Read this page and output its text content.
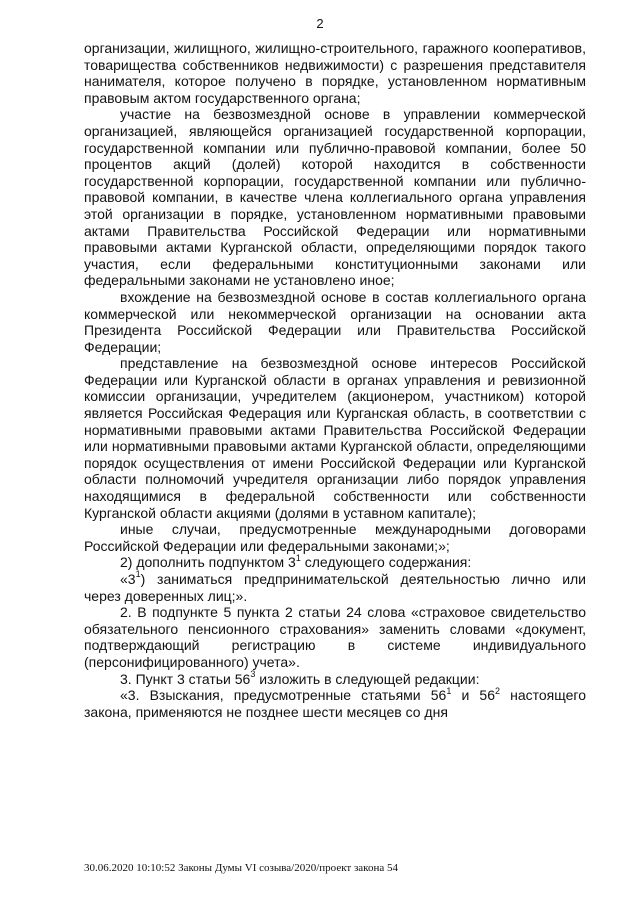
2

организации, жилищного, жилищно-строительного, гаражного кооперативов, товарищества собственников недвижимости) с разрешения представителя нанимателя, которое получено в порядке, установленном нормативным правовым актом государственного органа;

участие на безвозмездной основе в управлении коммерческой организацией, являющейся организацией государственной корпорации, государственной компании или публично-правовой компании, более 50 процентов акций (долей) которой находится в собственности государственной корпорации, государственной компании или публично-правовой компании, в качестве члена коллегиального органа управления этой организации в порядке, установленном нормативными правовыми актами Правительства Российской Федерации или нормативными правовыми актами Курганской области, определяющими порядок такого участия, если федеральными конституционными законами или федеральными законами не установлено иное;

вхождение на безвозмездной основе в состав коллегиального органа коммерческой или некоммерческой организации на основании акта Президента Российской Федерации или Правительства Российской Федерации;

представление на безвозмездной основе интересов Российской Федерации или Курганской области в органах управления и ревизионной комиссии организации, учредителем (акционером, участником) которой является Российская Федерация или Курганская область, в соответствии с нормативными правовыми актами Правительства Российской Федерации или нормативными правовыми актами Курганской области, определяющими порядок осуществления от имени Российской Федерации или Курганской области полномочий учредителя организации либо порядок управления находящимися в федеральной собственности или собственности Курганской области акциями (долями в уставном капитале);

иные случаи, предусмотренные международными договорами Российской Федерации или федеральными законами;»;

2) дополнить подпунктом $3^1$ следующего содержания:

«$3^1$) заниматься предпринимательской деятельностью лично или через доверенных лиц;».

2. В подпункте 5 пункта 2 статьи 24 слова «страховое свидетельство обязательного пенсионного страхования» заменить словами «документ, подтверждающий регистрацию в системе индивидуального (персонифицированного) учета».

3. Пункт 3 статьи $56^3$ изложить в следующей редакции:

«3. Взыскания, предусмотренные статьями $56^1$ и $56^2$ настоящего закона, применяются не позднее шести месяцев со дня

30.06.2020 10:10:52 Законы Думы VI созыва/2020/проект закона 54
